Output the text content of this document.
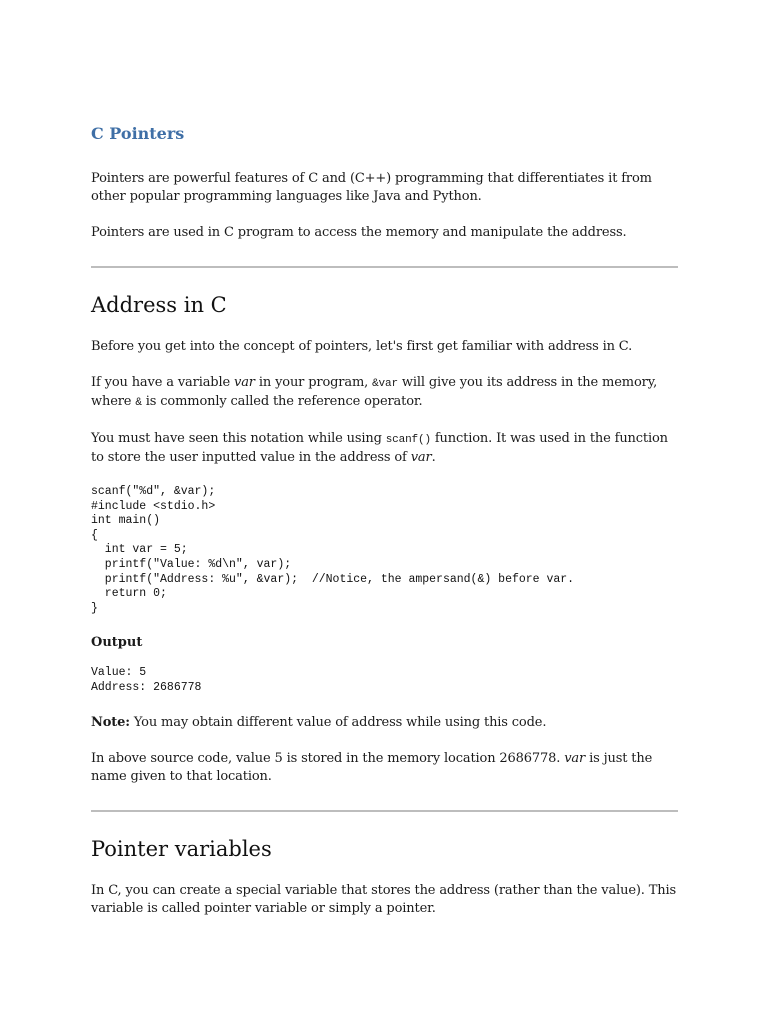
C Pointers

Pointers are powerful features of C and (C++) programming that differentiates it from other popular programming languages like Java and Python.

Pointers are used in C program to access the memory and manipulate the address.

Address in C

Before you get into the concept of pointers, let's first get familiar with address in C.

If you have a variable var in your program, &var will give you its address in the memory, where & is commonly called the reference operator.

You must have seen this notation while using scanf() function. It was used in the function to store the user inputted value in the address of var.

scanf("%d", &var);
#include <stdio.h>
int main()
{
int var = 5;
printf("Value: %d\n", var);
printf("Address: %u", &var);  //Notice, the ampersand(&) before var.
return 0;
}
Output
Value: 5
Address: 2686778

Note: You may obtain different value of address while using this code.

In above source code, value 5 is stored in the memory location 2686778. var is just the name given to that location.

Pointer variables

In C, you can create a special variable that stores the address (rather than the value). This variable is called pointer variable or simply a pointer.
